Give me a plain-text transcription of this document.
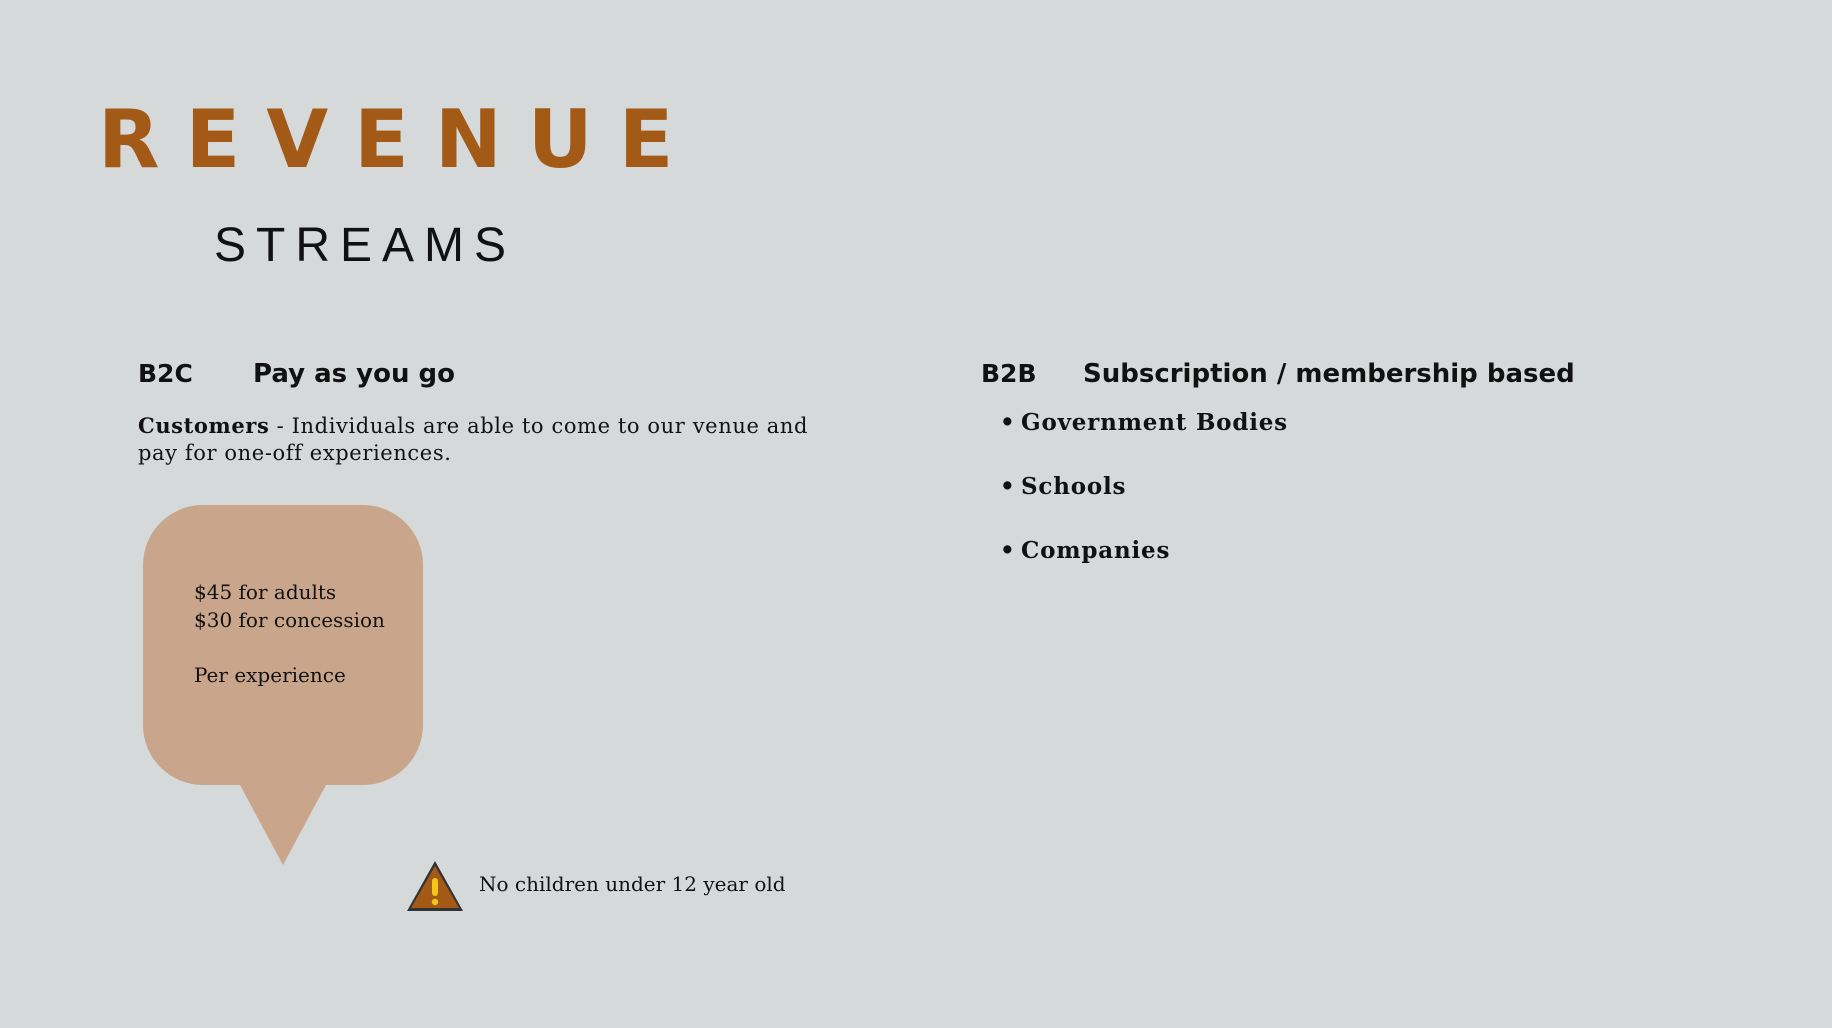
REVENUE
STREAMS
B2C Pay as you go
Customers - Individuals are able to come to our venue and pay for one-off experiences.
$45 for adults
$30 for concession
Per experience
No children under 12 year old
B2B Subscription / membership based
• Government Bodies
• Schools
• Companies
